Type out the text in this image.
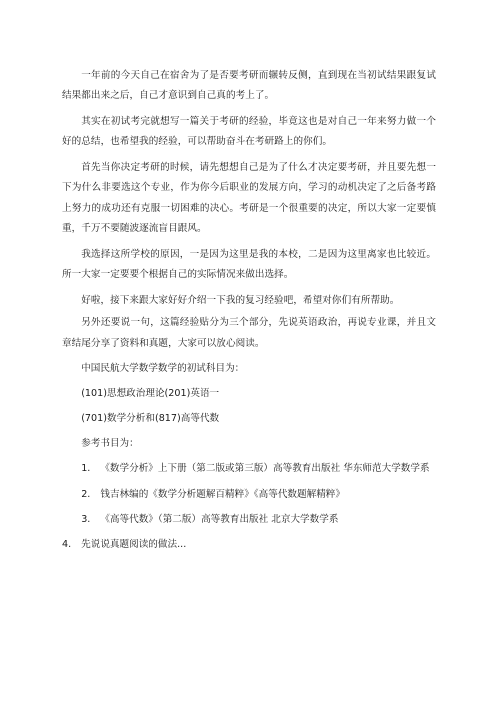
一年前的今天自己在宿舍为了是否要考研而辗转反侧，直到现在当初试结果跟复试结果都出来之后，自己才意识到自己真的考上了。

其实在初试考完就想写一篇关于考研的经验，毕竟这也是对自己一年来努力做一个好的总结，也希望我的经验，可以帮助奋斗在考研路上的你们。

首先当你决定考研的时候，请先想想自己是为了什么才决定要考研，并且要先想一下为什么非要选这个专业，作为你今后职业的发展方向，学习的动机决定了之后备考路上努力的成功还有克服一切困难的决心。考研是一个很重要的决定，所以大家一定要慎重，千万不要随波逐流盲目跟风。

我选择这所学校的原因，一是因为这里是我的本校，二是因为这里离家也比较近。所一大家一定要要个根据自己的实际情况来做出选择。

好啦，接下来跟大家好好介绍一下我的复习经验吧，希望对你们有所帮助。

另外还要说一句，这篇经验贴分为三个部分，先说英语政治，再说专业课，并且文章结尾分享了资料和真题，大家可以放心阅读。

中国民航大学数学数学的初试科目为：
(101)思想政治理论(201)英语一
(701)数学分析和(817)高等代数
参考书目为：
1. 《数学分析》上下册（第二版或第三版）高等教育出版社 华东师范大学数学系
2. 钱吉林编的《数学分析题解百精粹》《高等代数题解精粹》
3. 《高等代数》（第二版）高等教育出版社 北京大学数学系
4. 先说说真题阅读的做法...
